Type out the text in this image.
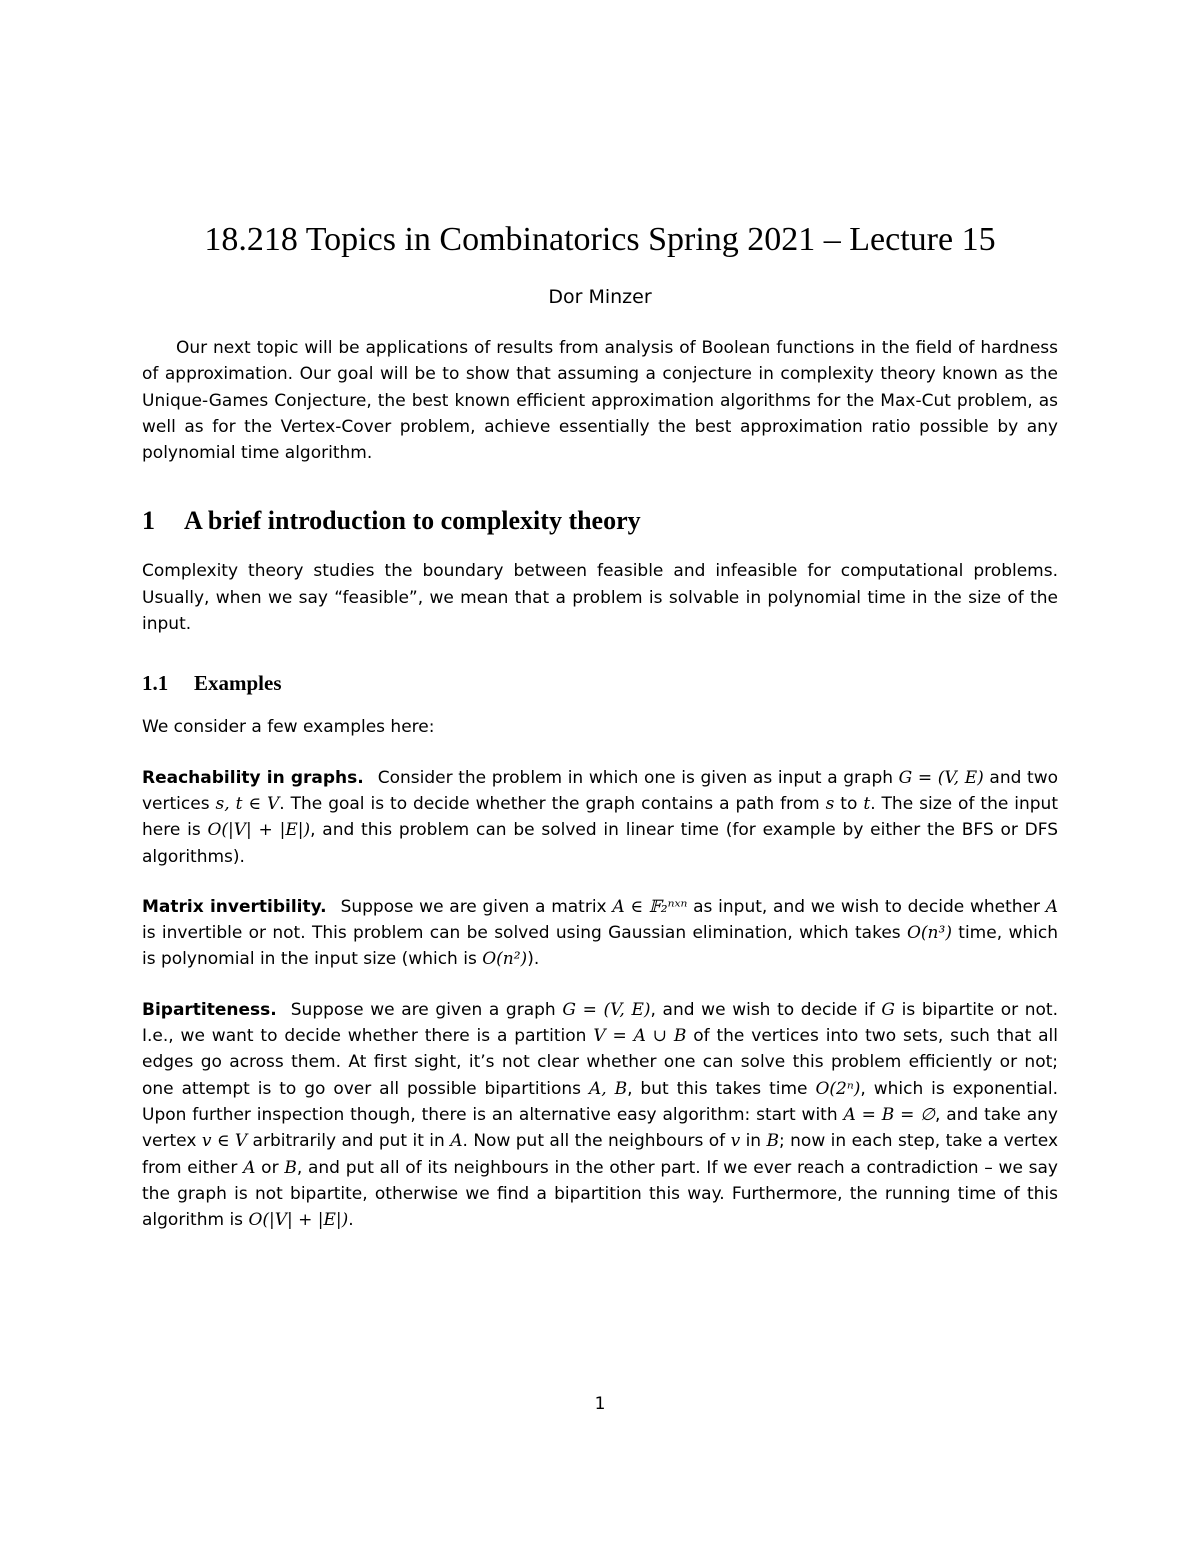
18.218 Topics in Combinatorics Spring 2021 – Lecture 15
Dor Minzer

Our next topic will be applications of results from analysis of Boolean functions in the field of hardness of approximation. Our goal will be to show that assuming a conjecture in complexity theory known as the Unique-Games Conjecture, the best known efficient approximation algorithms for the Max-Cut problem, as well as for the Vertex-Cover problem, achieve essentially the best approximation ratio possible by any polynomial time algorithm.

1 A brief introduction to complexity theory

Complexity theory studies the boundary between feasible and infeasible for computational problems. Usually, when we say “feasible”, we mean that a problem is solvable in polynomial time in the size of the input.

1.1 Examples

We consider a few examples here:

Reachability in graphs. Consider the problem in which one is given as input a graph G = (V, E) and two vertices s, t ∈ V. The goal is to decide whether the graph contains a path from s to t. The size of the input here is O(|V| + |E|), and this problem can be solved in linear time (for example by either the BFS or DFS algorithms).

Matrix invertibility. Suppose we are given a matrix A ∈ 𝔽₂ⁿˣⁿ as input, and we wish to decide whether A is invertible or not. This problem can be solved using Gaussian elimination, which takes O(n³) time, which is polynomial in the input size (which is O(n²)).

Bipartiteness. Suppose we are given a graph G = (V, E), and we wish to decide if G is bipartite or not. I.e., we want to decide whether there is a partition V = A ∪ B of the vertices into two sets, such that all edges go across them. At first sight, it’s not clear whether one can solve this problem efficiently or not; one attempt is to go over all possible bipartitions A, B, but this takes time O(2ⁿ), which is exponential. Upon further inspection though, there is an alternative easy algorithm: start with A = B = ∅, and take any vertex v ∈ V arbitrarily and put it in A. Now put all the neighbours of v in B; now in each step, take a vertex from either A or B, and put all of its neighbours in the other part. If we ever reach a contradiction – we say the graph is not bipartite, otherwise we find a bipartition this way. Furthermore, the running time of this algorithm is O(|V| + |E|).

1
